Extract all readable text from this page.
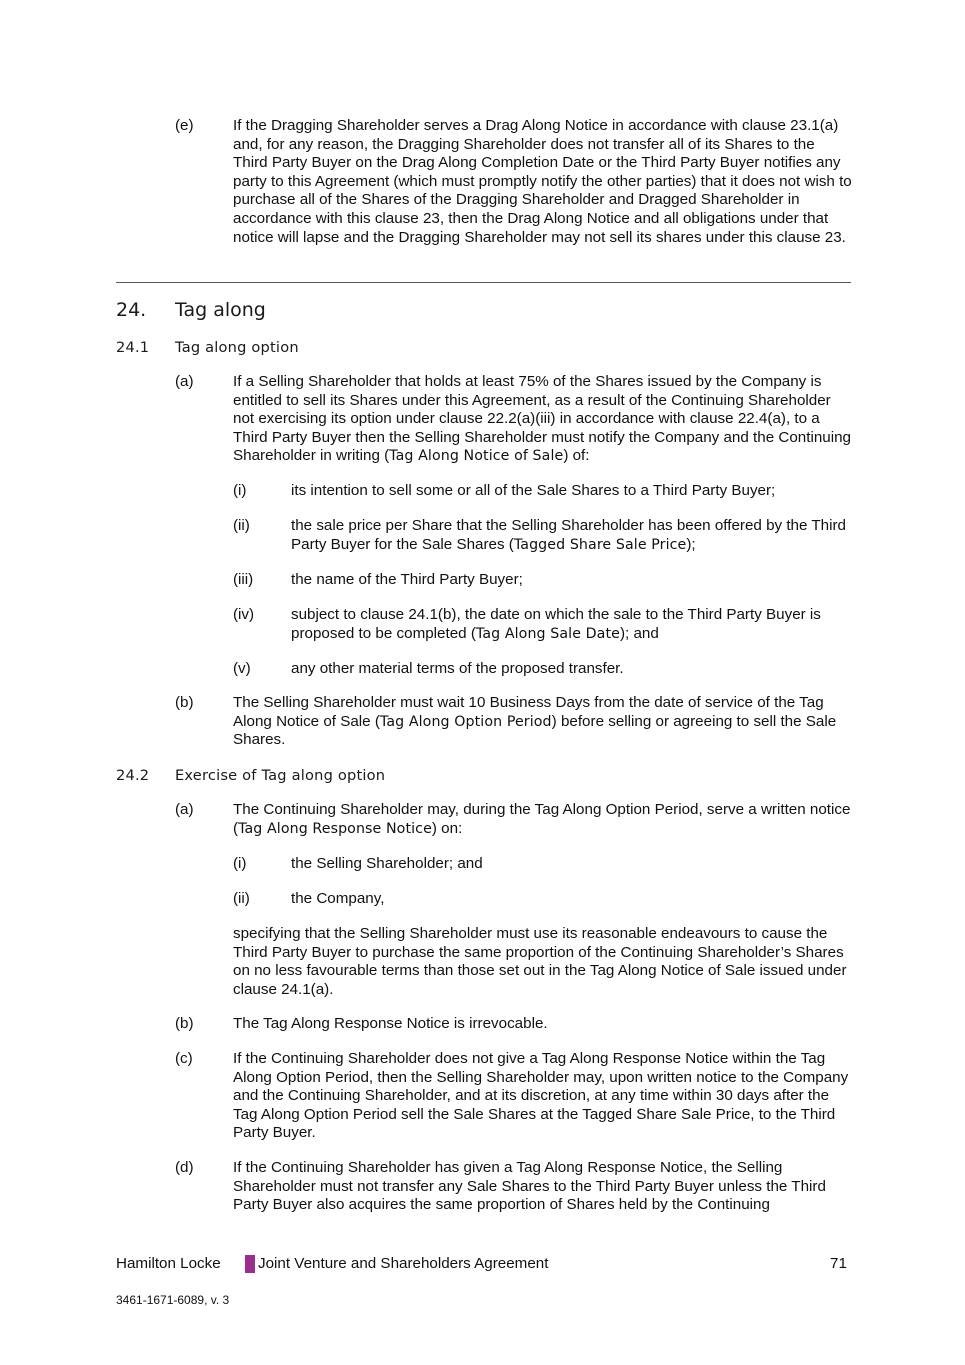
(e)	If the Dragging Shareholder serves a Drag Along Notice in accordance with clause 23.1(a) and, for any reason, the Dragging Shareholder does not transfer all of its Shares to the Third Party Buyer on the Drag Along Completion Date or the Third Party Buyer notifies any party to this Agreement (which must promptly notify the other parties) that it does not wish to purchase all of the Shares of the Dragging Shareholder and Dragged Shareholder in accordance with this clause 23, then the Drag Along Notice and all obligations under that notice will lapse and the Dragging Shareholder may not sell its shares under this clause 23.

24. Tag along
24.1 Tag along option
(a)	If a Selling Shareholder that holds at least 75% of the Shares issued by the Company is entitled to sell its Shares under this Agreement, as a result of the Continuing Shareholder not exercising its option under clause 22.2(a)(iii) in accordance with clause 22.4(a), to a Third Party Buyer then the Selling Shareholder must notify the Company and the Continuing Shareholder in writing (Tag Along Notice of Sale) of:

(i)	its intention to sell some or all of the Sale Shares to a Third Party Buyer;

(ii)	the sale price per Share that the Selling Shareholder has been offered by the Third Party Buyer for the Sale Shares (Tagged Share Sale Price);

(iii) the name of the Third Party Buyer;

(iv) subject to clause 24.1(b), the date on which the sale to the Third Party Buyer is proposed to be completed (Tag Along Sale Date); and

(v)	any other material terms of the proposed transfer.

(b)	The Selling Shareholder must wait 10 Business Days from the date of service of the Tag Along Notice of Sale (Tag Along Option Period) before selling or agreeing to sell the Sale Shares.

24.2 Exercise of Tag along option
(a)	The Continuing Shareholder may, during the Tag Along Option Period, serve a written notice (Tag Along Response Notice) on:

(i)	the Selling Shareholder; and

(ii)	the Company,

specifying that the Selling Shareholder must use its reasonable endeavours to cause the Third Party Buyer to purchase the same proportion of the Continuing Shareholder’s Shares on no less favourable terms than those set out in the Tag Along Notice of Sale issued under clause 24.1(a).

(b)	The Tag Along Response Notice is irrevocable.

(c)	If the Continuing Shareholder does not give a Tag Along Response Notice within the Tag Along Option Period, then the Selling Shareholder may, upon written notice to the Company and the Continuing Shareholder, and at its discretion, at any time within 30 days after the Tag Along Option Period sell the Sale Shares at the Tagged Share Sale Price, to the Third Party Buyer.

(d)	If the Continuing Shareholder has given a Tag Along Response Notice, the Selling Shareholder must not transfer any Sale Shares to the Third Party Buyer unless the Third Party Buyer also acquires the same proportion of Shares held by the Continuing

Hamilton Locke Joint Venture and Shareholders Agreement	71
3461-1671-6089, v. 3
